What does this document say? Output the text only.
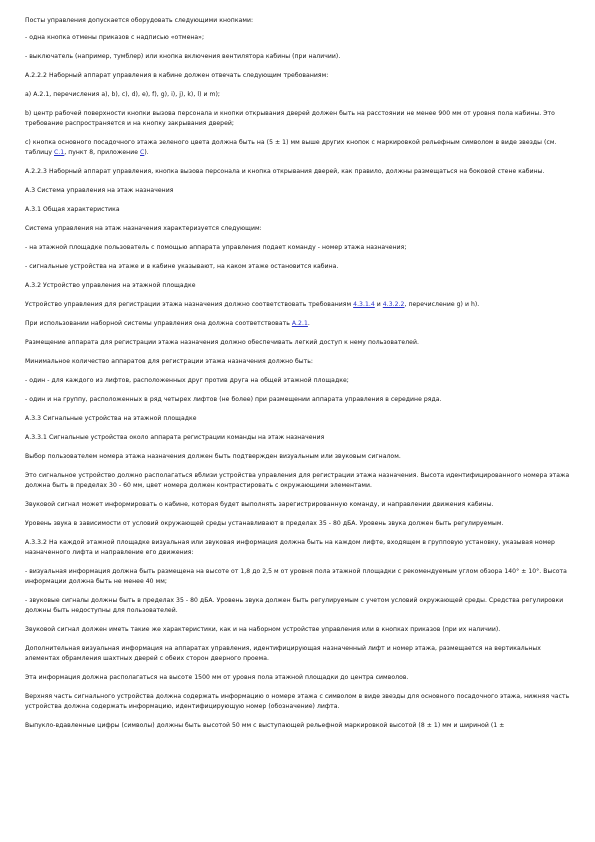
Посты управления допускается оборудовать следующими кнопками:

- одна кнопка отмены приказов с надписью «отмена»;

- выключатель (например, тумблер) или кнопка включения вентилятора кабины (при наличии).

А.2.2.2 Наборный аппарат управления в кабине должен отвечать следующим требованиям:

а) А.2.1, перечисления а), b), с), d), e), f), g), i), j), k), l) и m);

b) центр рабочей поверхности кнопки вызова персонала и кнопки открывания дверей должен быть на расстоянии не менее 900 мм от уровня пола кабины. Это требование распространяется и на кнопку закрывания дверей;

с) кнопка основного посадочного этажа зеленого цвета должна быть на (5 ± 1) мм выше других кнопок с маркировкой рельефным символом в виде звезды (см. таблицу С.1, пункт 8, приложение С).

А.2.2.3 Наборный аппарат управления, кнопка вызова персонала и кнопка открывания дверей, как правило, должны размещаться на боковой стене кабины.

А.3 Система управления на этаж назначения

А.3.1 Общая характеристика

Система управления на этаж назначения характеризуется следующим:

- на этажной площадке пользователь с помощью аппарата управления подает команду - номер этажа назначения;

- сигнальные устройства на этаже и в кабине указывают, на каком этаже остановится кабина.

А.3.2 Устройство управления на этажной площадке

Устройство управления для регистрации этажа назначения должно соответствовать требованиям 4.3.1.4 и 4.3.2.2, перечисление g) и h).

При использовании наборной системы управления она должна соответствовать А.2.1.

Размещение аппарата для регистрации этажа назначения должно обеспечивать легкий доступ к нему пользователей.

Минимальное количество аппаратов для регистрации этажа назначения должно быть:

- один - для каждого из лифтов, расположенных друг против друга на общей этажной площадке;

- один и на группу, расположенных в ряд четырех лифтов (не более) при размещении аппарата управления в середине ряда.

А.3.3 Сигнальные устройства на этажной площадке

А.3.3.1 Сигнальные устройства около аппарата регистрации команды на этаж назначения

Выбор пользователем номера этажа назначения должен быть подтвержден визуальным или звуковым сигналом.

Это сигнальное устройство должно располагаться вблизи устройства управления для регистрации этажа назначения. Высота идентифицированного номера этажа должна быть в пределах 30 - 60 мм, цвет номера должен контрастировать с окружающими элементами.

Звуковой сигнал может информировать о кабине, которая будет выполнять зарегистрированную команду, и направлении движения кабины.

Уровень звука в зависимости от условий окружающей среды устанавливают в пределах 35 - 80 дБА. Уровень звука должен быть регулируемым.

А.3.3.2 На каждой этажной площадке визуальная или звуковая информация должна быть на каждом лифте, входящем в групповую установку, указывая номер назначенного лифта и направление его движения:

- визуальная информация должна быть размещена на высоте от 1,8 до 2,5 м от уровня пола этажной площадки с рекомендуемым углом обзора 140° ± 10°. Высота информации должна быть не менее 40 мм;

- звуковые сигналы должны быть в пределах 35 - 80 дБА. Уровень звука должен быть регулируемым с учетом условий окружающей среды. Средства регулировки должны быть недоступны для пользователей.

Звуковой сигнал должен иметь такие же характеристики, как и на наборном устройстве управления или в кнопках приказов (при их наличии).

Дополнительная визуальная информация на аппаратах управления, идентифицирующая назначенный лифт и номер этажа, размещается на вертикальных элементах обрамления шахтных дверей с обеих сторон дверного проема.

Эта информация должна располагаться на высоте 1500 мм от уровня пола этажной площадки до центра символов.

Верхняя часть сигнального устройства должна содержать информацию о номере этажа с символом в виде звезды для основного посадочного этажа, нижняя часть устройства должна содержать информацию, идентифицирующую номер (обозначение) лифта.

Выпукло-вдавленные цифры (символы) должны быть высотой 50 мм с выступающей рельефной маркировкой высотой (8 ± 1) мм и шириной (1 ±
